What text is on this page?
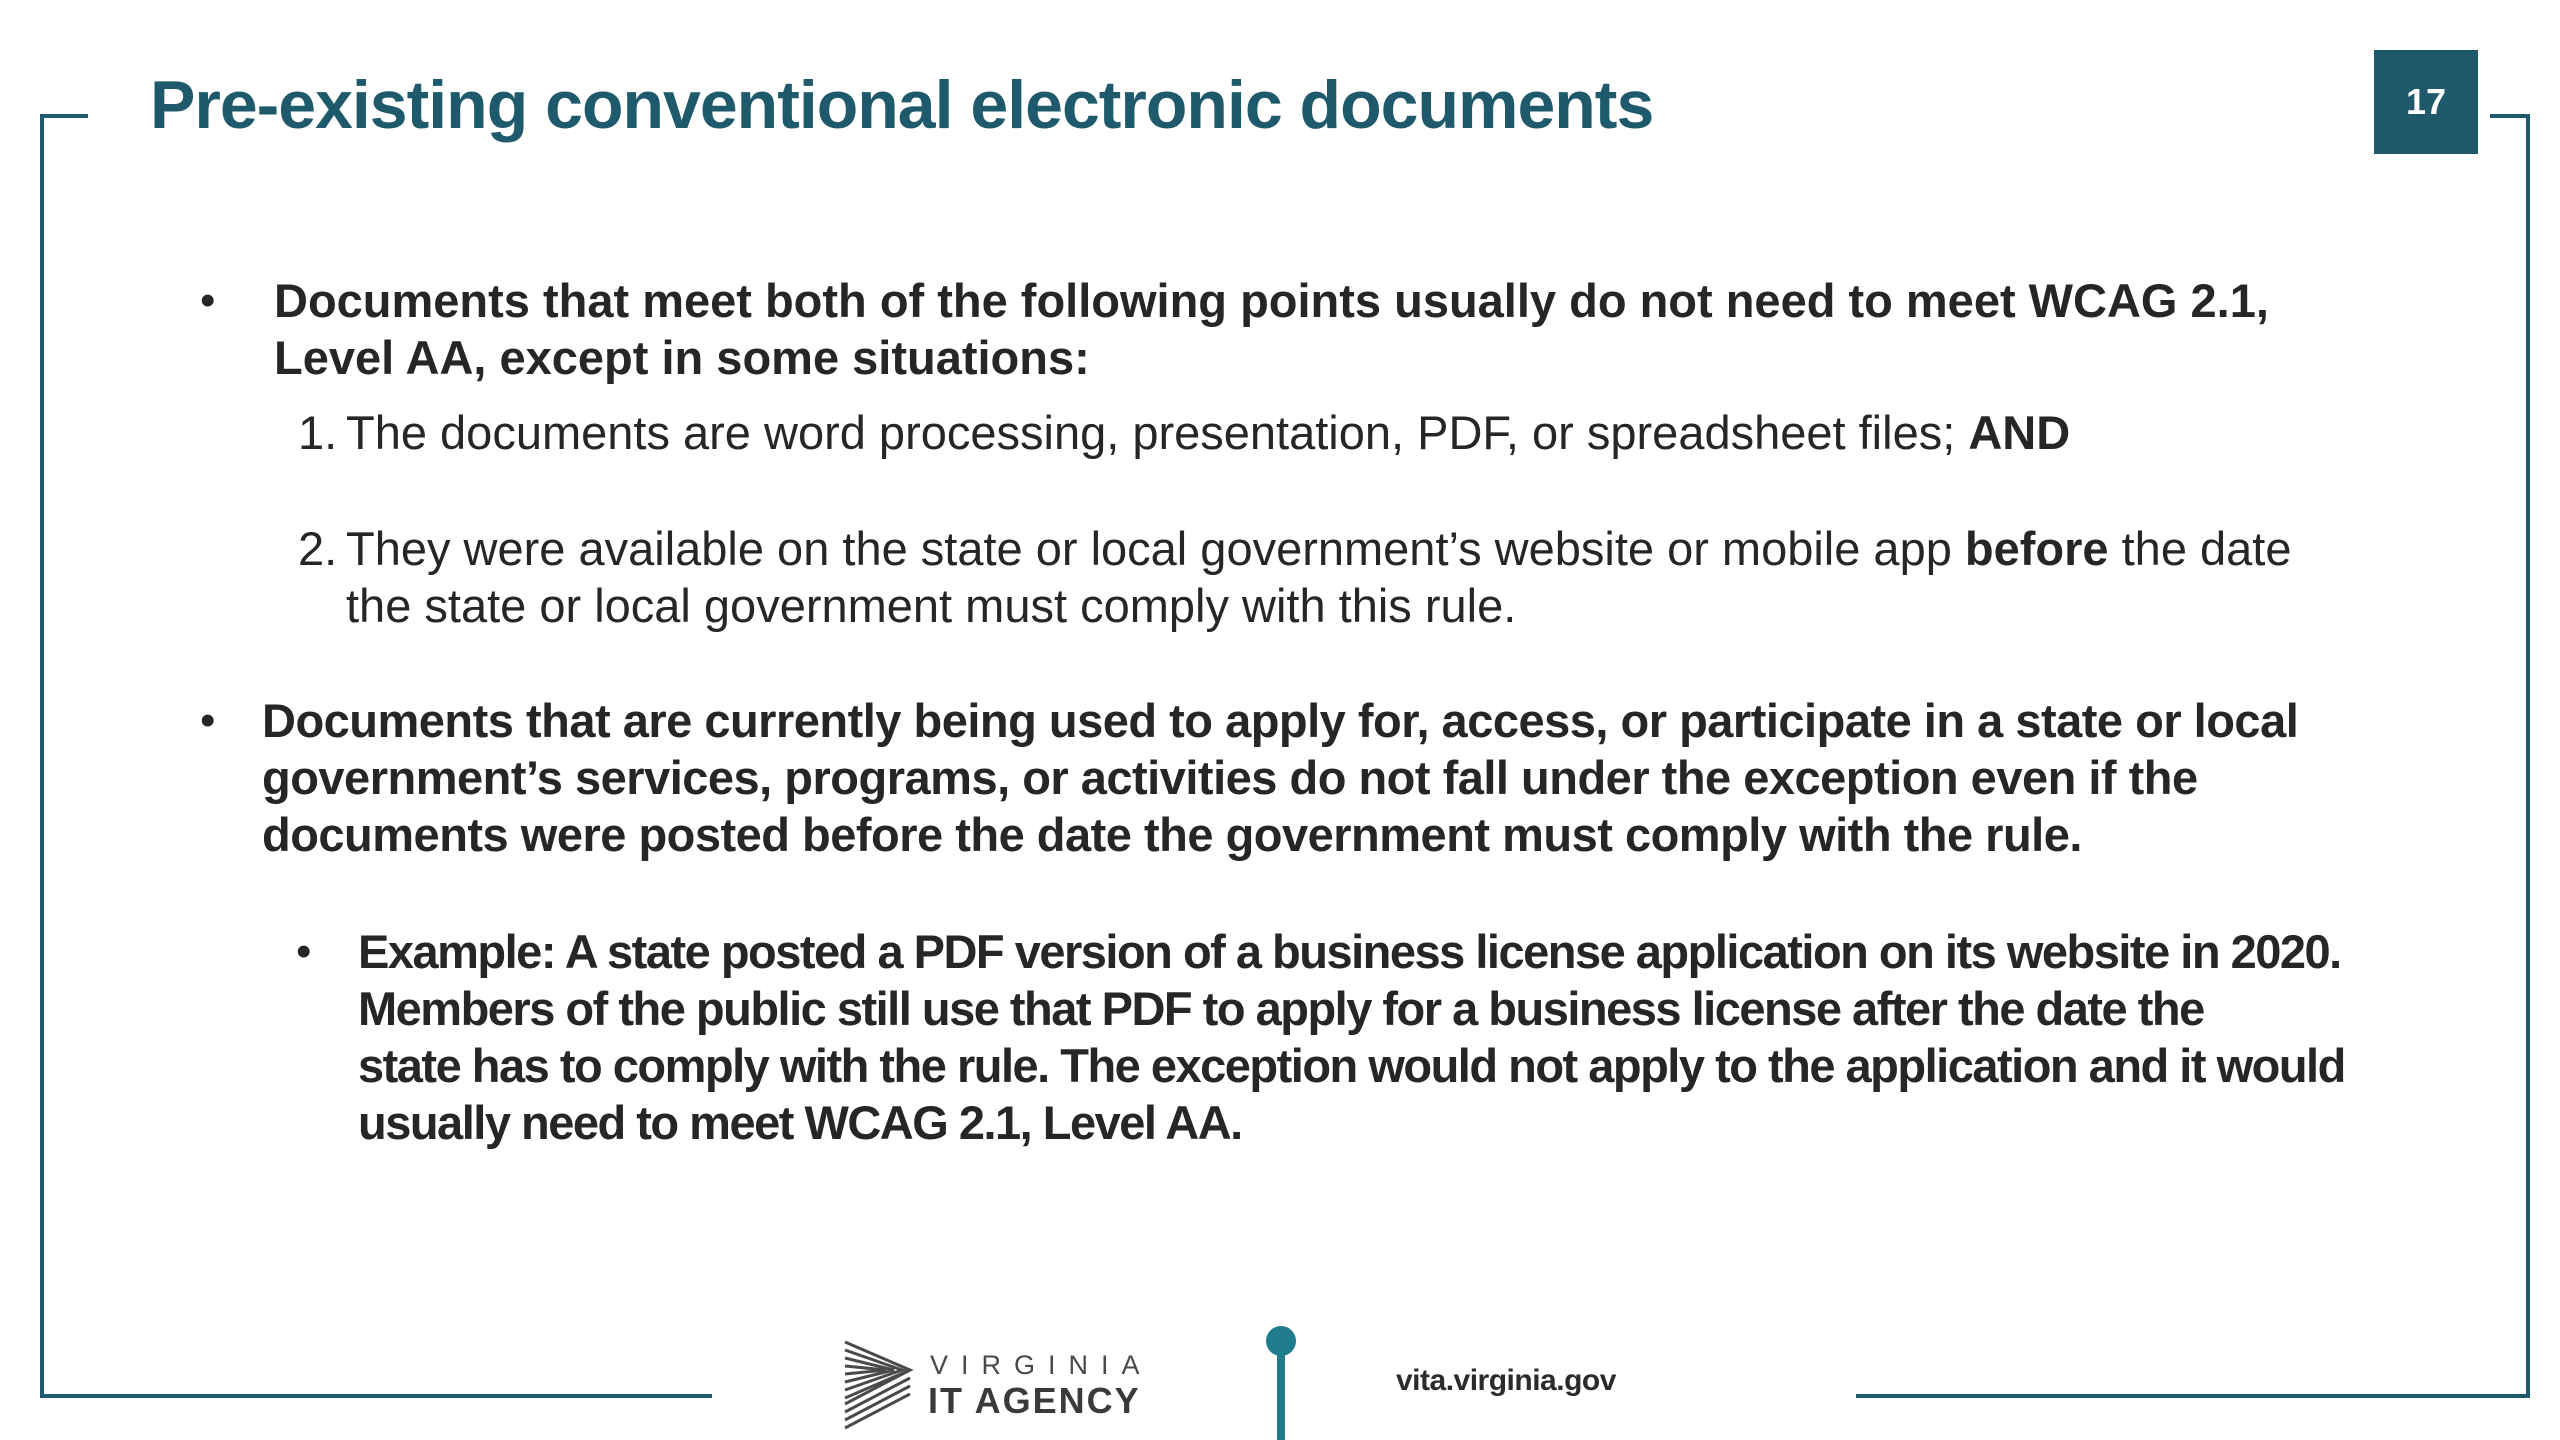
Pre-existing conventional electronic documents	17
• Documents that meet both of the following points usually do not need to meet WCAG 2.1,
Level AA, except in some situations:
1. The documents are word processing, presentation, PDF, or spreadsheet files; AND
2. They were available on the state or local government’s website or mobile app before the date
the state or local government must comply with this rule.
• Documents that are currently being used to apply for, access, or participate in a state or local
government’s services, programs, or activities do not fall under the exception even if the
documents were posted before the date the government must comply with the rule.
• Example: A state posted a PDF version of a business license application on its website in 2020.
Members of the public still use that PDF to apply for a business license after the date the
state has to comply with the rule. The exception would not apply to the application and it would
usually need to meet WCAG 2.1, Level AA.
VIRGINIA
IT AGENCY	vita.virginia.gov
